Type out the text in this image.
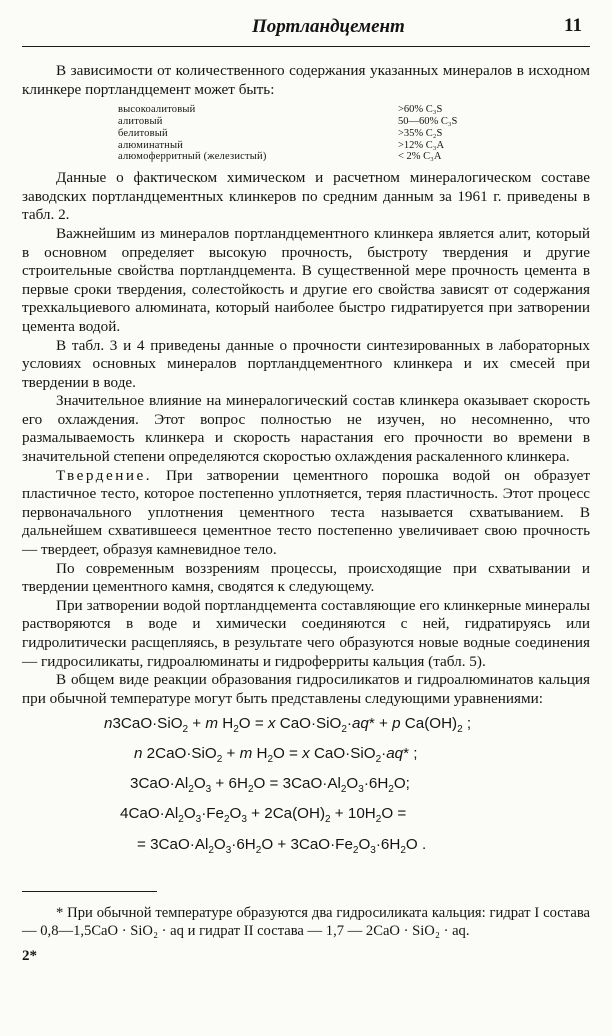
Портландцемент	11

В зависимости от количественного содержания указанных минералов в исходном клинкере портландцемент может быть:

высокоалитовый	>60% C₃S
алитовый	50—60% C₃S
белитовый	>35% C₂S
алюминатный	>12% C₃A
алюмоферритный (железистый)	< 2% C₃A

Данные о фактическом химическом и расчетном минералогическом составе заводских портландцементных клинкеров по средним данным за 1961 г. приведены в табл. 2.

Важнейшим из минералов портландцементного клинкера является алит, который в основном определяет высокую прочность, быстроту твердения и другие строительные свойства портландцемента. В существенной мере прочность цемента в первые сроки твердения, солестойкость и другие его свойства зависят от содержания трехкальциевого алюмината, который наиболее быстро гидратируется при затворении цемента водой.

В табл. 3 и 4 приведены данные о прочности синтезированных в лабораторных условиях основных минералов портландцементного клинкера и их смесей при твердении в воде.

Значительное влияние на минералогический состав клинкера оказывает скорость его охлаждения. Этот вопрос полностью не изучен, но несомненно, что размалываемость клинкера и скорость нарастания его прочности во времени в значительной степени определяются скоростью охлаждения раскаленного клинкера.

Твердение. При затворении цементного порошка водой он образует пластичное тесто, которое постепенно уплотняется, теряя пластичность. Этот процесс первоначального уплотнения цементного теста называется схватыванием. В дальнейшем схватившееся цементное тесто постепенно увеличивает свою прочность — твердеет, образуя камневидное тело.

По современным воззрениям процессы, происходящие при схватывании и твердении цементного камня, сводятся к следующему.

При затворении водой портландцемента составляющие его клинкерные минералы растворяются в воде и химически соединяются с ней, гидратируясь или гидролитически расщепляясь, в результате чего образуются новые водные соединения — гидросиликаты, гидроалюминаты и гидроферриты кальция (табл. 5).

В общем виде реакции образования гидросиликатов и гидроалюминатов кальция при обычной температуре могут быть представлены следующими уравнениями:

n3CaO·SiO$_2$ + m $H_2O = x$ CaO·SiO$_2$·aq* + p $Ca(OH)_2$ ;
n 2CaO·SiO$_2$ + m $H_2O = x$ CaO·SiO$_2$·aq* ;
$3CaO\cdot Al_2O_3 + 6H_2O = 3CaO\cdot Al_2O_3\cdot 6H_2O$;
$4CaO\cdot Al_2O_3\cdot Fe_2O_3 + 2Ca(OH)_2 + 10H_2O$ =
= $3CaO\cdot Al_2O_3\cdot 6H_2O + 3CaO\cdot Fe_2O_3\cdot 6H_2O$ .

* При обычной температуре образуются два гидросиликата кальция: гидрат I состава — 0,8—1,5CaO · SiO₂ · aq и гидрат II состава — 1,7 — 2CaO · SiO₂ · aq.

2*
